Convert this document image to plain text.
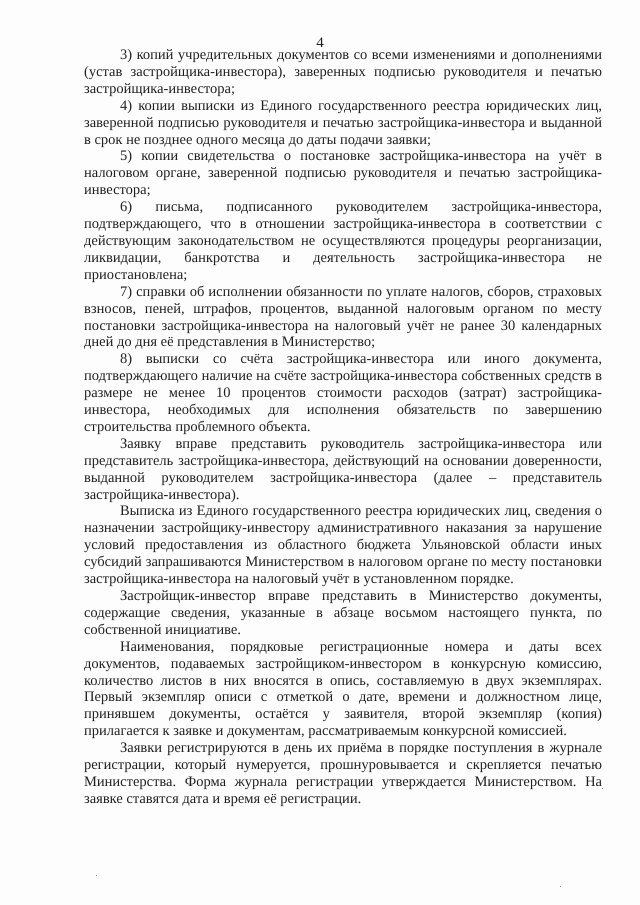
4

3) копий учредительных документов со всеми изменениями и дополнениями (устав застройщика-инвестора), заверенных подписью руководителя и печатью застройщика-инвестора;

4) копии выписки из Единого государственного реестра юридических лиц, заверенной подписью руководителя и печатью застройщика-инвестора и выданной в срок не позднее одного месяца до даты подачи заявки;

5) копии свидетельства о постановке застройщика-инвестора на учёт в налоговом органе, заверенной подписью руководителя и печатью застройщика-инвестора;

6) письма, подписанного руководителем застройщика-инвестора, подтверждающего, что в отношении застройщика-инвестора в соответствии с действующим законодательством не осуществляются процедуры реорганизации, ликвидации, банкротства и деятельность застройщика-инвестора не приостановлена;

7) справки об исполнении обязанности по уплате налогов, сборов, страховых взносов, пеней, штрафов, процентов, выданной налоговым органом по месту постановки застройщика-инвестора на налоговый учёт не ранее 30 календарных дней до дня её представления в Министерство;

8) выписки со счёта застройщика-инвестора или иного документа, подтверждающего наличие на счёте застройщика-инвестора собственных средств в размере не менее 10 процентов стоимости расходов (затрат) застройщика-инвестора, необходимых для исполнения обязательств по завершению строительства проблемного объекта.

Заявку вправе представить руководитель застройщика-инвестора или представитель застройщика-инвестора, действующий на основании доверенности, выданной руководителем застройщика-инвестора (далее – представитель застройщика-инвестора).

Выписка из Единого государственного реестра юридических лиц, сведения о назначении застройщику-инвестору административного наказания за нарушение условий предоставления из областного бюджета Ульяновской области иных субсидий запрашиваются Министерством в налоговом органе по месту постановки застройщика-инвестора на налоговый учёт в установленном порядке.

Застройщик-инвестор вправе представить в Министерство документы, содержащие сведения, указанные в абзаце восьмом настоящего пункта, по собственной инициативе.

Наименования, порядковые регистрационные номера и даты всех документов, подаваемых застройщиком-инвестором в конкурсную комиссию, количество листов в них вносятся в опись, составляемую в двух экземплярах. Первый экземпляр описи с отметкой о дате, времени и должностном лице, принявшем документы, остаётся у заявителя, второй экземпляр (копия) прилагается к заявке и документам, рассматриваемым конкурсной комиссией.

Заявки регистрируются в день их приёма в порядке поступления в журнале регистрации, который нумеруется, прошнуровывается и скрепляется печатью Министерства. Форма журнала регистрации утверждается Министерством. На заявке ставятся дата и время её регистрации.
